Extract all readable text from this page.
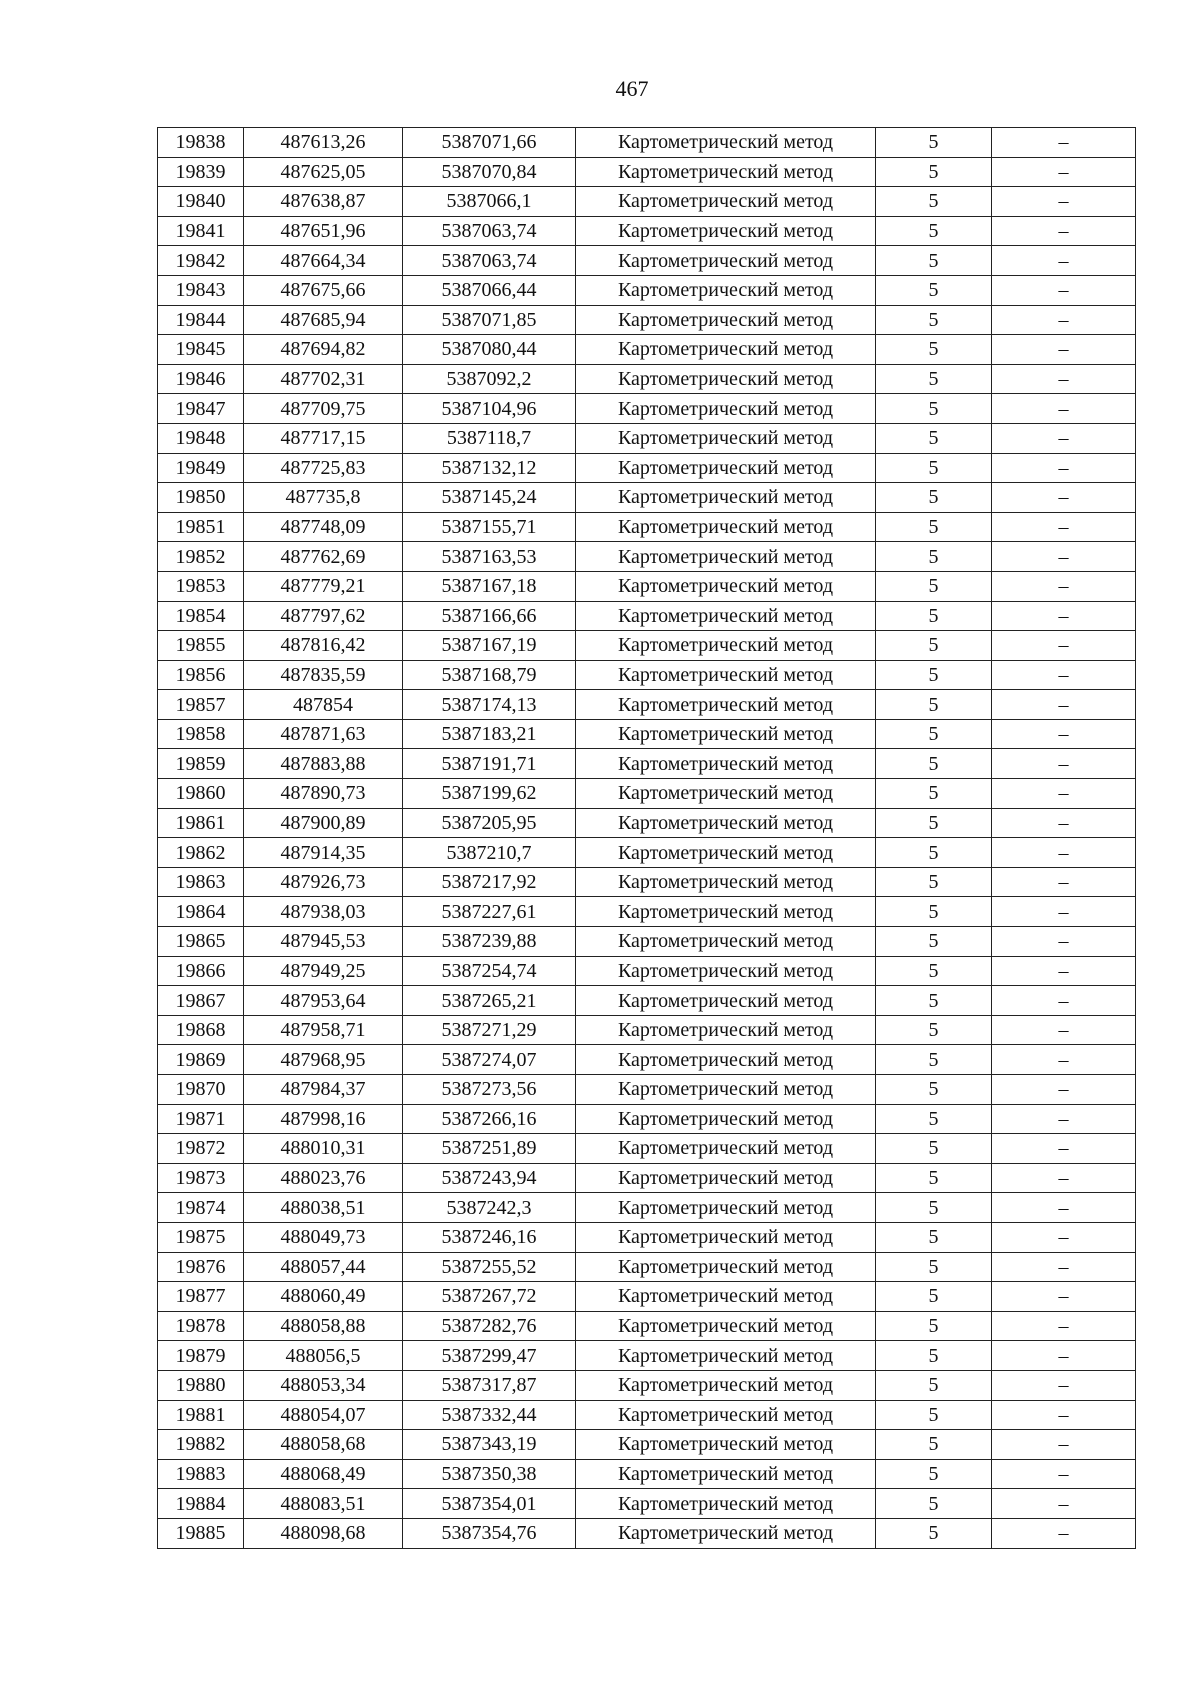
467
19838	487613,26	5387071,66	Картометрический метод	5	–
19839	487625,05	5387070,84	Картометрический метод	5	–
19840	487638,87	5387066,1	Картометрический метод	5	–
19841	487651,96	5387063,74	Картометрический метод	5	–
19842	487664,34	5387063,74	Картометрический метод	5	–
19843	487675,66	5387066,44	Картометрический метод	5	–
19844	487685,94	5387071,85	Картометрический метод	5	–
19845	487694,82	5387080,44	Картометрический метод	5	–
19846	487702,31	5387092,2	Картометрический метод	5	–
19847	487709,75	5387104,96	Картометрический метод	5	–
19848	487717,15	5387118,7	Картометрический метод	5	–
19849	487725,83	5387132,12	Картометрический метод	5	–
19850	487735,8	5387145,24	Картометрический метод	5	–
19851	487748,09	5387155,71	Картометрический метод	5	–
19852	487762,69	5387163,53	Картометрический метод	5	–
19853	487779,21	5387167,18	Картометрический метод	5	–
19854	487797,62	5387166,66	Картометрический метод	5	–
19855	487816,42	5387167,19	Картометрический метод	5	–
19856	487835,59	5387168,79	Картометрический метод	5	–
19857	487854	5387174,13	Картометрический метод	5	–
19858	487871,63	5387183,21	Картометрический метод	5	–
19859	487883,88	5387191,71	Картометрический метод	5	–
19860	487890,73	5387199,62	Картометрический метод	5	–
19861	487900,89	5387205,95	Картометрический метод	5	–
19862	487914,35	5387210,7	Картометрический метод	5	–
19863	487926,73	5387217,92	Картометрический метод	5	–
19864	487938,03	5387227,61	Картометрический метод	5	–
19865	487945,53	5387239,88	Картометрический метод	5	–
19866	487949,25	5387254,74	Картометрический метод	5	–
19867	487953,64	5387265,21	Картометрический метод	5	–
19868	487958,71	5387271,29	Картометрический метод	5	–
19869	487968,95	5387274,07	Картометрический метод	5	–
19870	487984,37	5387273,56	Картометрический метод	5	–
19871	487998,16	5387266,16	Картометрический метод	5	–
19872	488010,31	5387251,89	Картометрический метод	5	–
19873	488023,76	5387243,94	Картометрический метод	5	–
19874	488038,51	5387242,3	Картометрический метод	5	–
19875	488049,73	5387246,16	Картометрический метод	5	–
19876	488057,44	5387255,52	Картометрический метод	5	–
19877	488060,49	5387267,72	Картометрический метод	5	–
19878	488058,88	5387282,76	Картометрический метод	5	–
19879	488056,5	5387299,47	Картометрический метод	5	–
19880	488053,34	5387317,87	Картометрический метод	5	–
19881	488054,07	5387332,44	Картометрический метод	5	–
19882	488058,68	5387343,19	Картометрический метод	5	–
19883	488068,49	5387350,38	Картометрический метод	5	–
19884	488083,51	5387354,01	Картометрический метод	5	–
19885	488098,68	5387354,76	Картометрический метод	5	–
